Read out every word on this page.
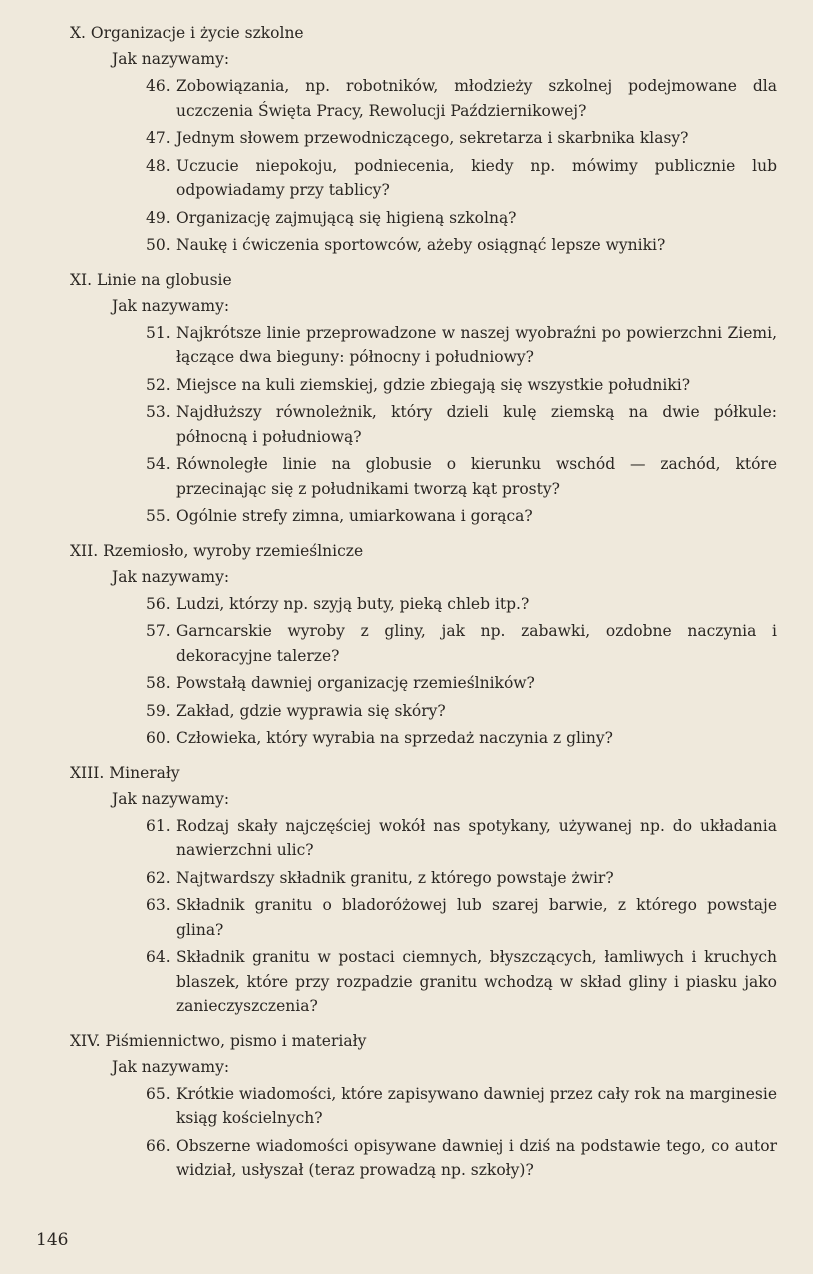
X. Organizacje i życie szkolne
Jak nazywamy:
46. Zobowiązania, np. robotników, młodzieży szkolnej podejmowane dla uczczenia Święta Pracy, Rewolucji Październikowej?
47. Jednym słowem przewodniczącego, sekretarza i skarbnika klasy?
48. Uczucie niepokoju, podniecenia, kiedy np. mówimy publicznie lub odpowiadamy przy tablicy?
49. Organizację zajmującą się higieną szkolną?
50. Naukę i ćwiczenia sportowców, ażeby osiągnąć lepsze wyniki?
XI. Linie na globusie
Jak nazywamy:
51. Najkrótsze linie przeprowadzone w naszej wyobraźni po powierzchni Ziemi, łączące dwa bieguny: północny i południowy?
52. Miejsce na kuli ziemskiej, gdzie zbiegają się wszystkie południki?
53. Najdłuższy równoleżnik, który dzieli kulę ziemską na dwie półkule: północną i południową?
54. Równoległe linie na globusie o kierunku wschód — zachód, które przecinając się z południkami tworzą kąt prosty?
55. Ogólnie strefy zimna, umiarkowana i gorąca?
XII. Rzemiosło, wyroby rzemieślnicze
Jak nazywamy:
56. Ludzi, którzy np. szyją buty, pieką chleb itp.?
57. Garncarskie wyroby z gliny, jak np. zabawki, ozdobne naczynia i dekoracyjne talerze?
58. Powstałą dawniej organizację rzemieślników?
59. Zakład, gdzie wyprawia się skóry?
60. Człowieka, który wyrabia na sprzedaż naczynia z gliny?
XIII. Minerały
Jak nazywamy:
61. Rodzaj skały najczęściej wokół nas spotykany, używanej np. do układania nawierzchni ulic?
62. Najtwardszy składnik granitu, z którego powstaje żwir?
63. Składnik granitu o bladoróżowej lub szarej barwie, z którego powstaje glina?
64. Składnik granitu w postaci ciemnych, błyszczących, łamliwych i kruchych blaszek, które przy rozpadzie granitu wchodzą w skład gliny i piasku jako zanieczyszczenia?
XIV. Piśmiennictwo, pismo i materiały
Jak nazywamy:
65. Krótkie wiadomości, które zapisywano dawniej przez cały rok na marginesie ksiąg kościelnych?
66. Obszerne wiadomości opisywane dawniej i dziś na podstawie tego, co autor widział, usłyszał (teraz prowadzą np. szkoły)?
146
